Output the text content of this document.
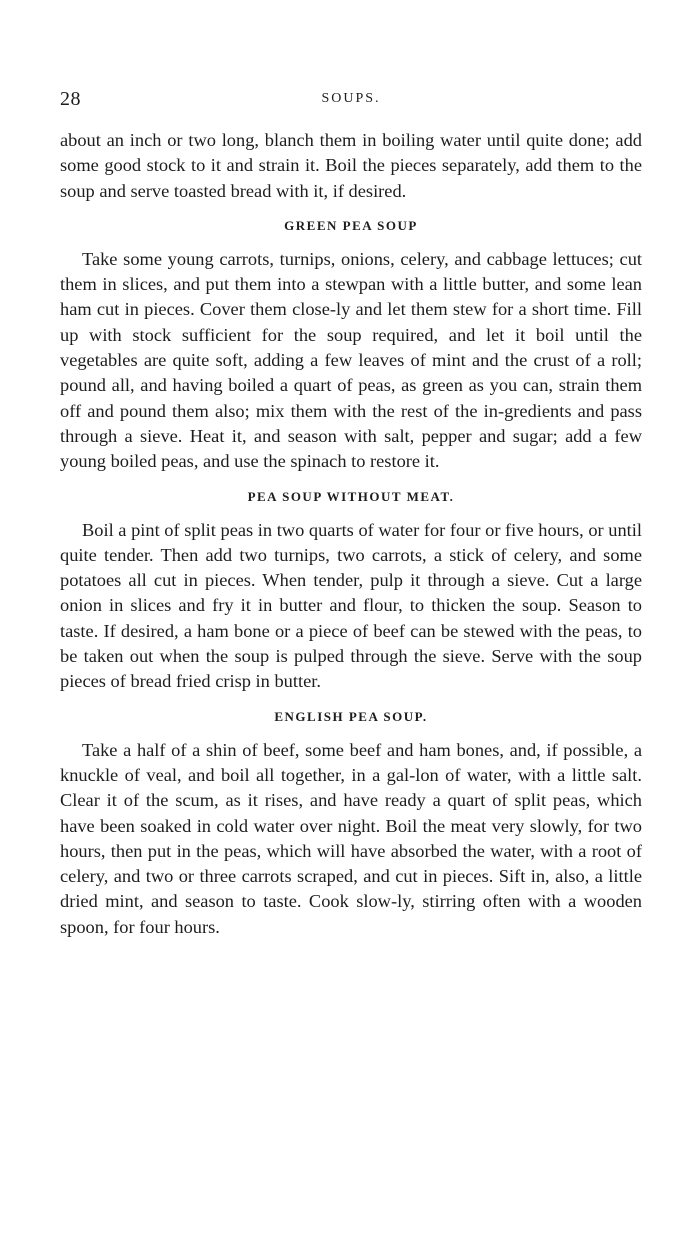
28	SOUPS.

about an inch or two long, blanch them in boiling water until quite done; add some good stock to it and strain it. Boil the pieces separately, add them to the soup and serve toasted bread with it, if desired.

GREEN PEA SOUP

Take some young carrots, turnips, onions, celery, and cabbage lettuces; cut them in slices, and put them into a stewpan with a little butter, and some lean ham cut in pieces. Cover them close-ly and let them stew for a short time. Fill up with stock sufficient for the soup required, and let it boil until the vegetables are quite soft, adding a few leaves of mint and the crust of a roll; pound all, and having boiled a quart of peas, as green as you can, strain them off and pound them also; mix them with the rest of the in-gredients and pass through a sieve. Heat it, and season with salt, pepper and sugar; add a few young boiled peas, and use the spinach to restore it.

PEA SOUP WITHOUT MEAT.

Boil a pint of split peas in two quarts of water for four or five hours, or until quite tender. Then add two turnips, two carrots, a stick of celery, and some potatoes all cut in pieces. When tender, pulp it through a sieve. Cut a large onion in slices and fry it in butter and flour, to thicken the soup. Season to taste. If desired, a ham bone or a piece of beef can be stewed with the peas, to be taken out when the soup is pulped through the sieve. Serve with the soup pieces of bread fried crisp in butter.

ENGLISH PEA SOUP.

Take a half of a shin of beef, some beef and ham bones, and, if possible, a knuckle of veal, and boil all together, in a gal-lon of water, with a little salt. Clear it of the scum, as it rises, and have ready a quart of split peas, which have been soaked in cold water over night. Boil the meat very slowly, for two hours, then put in the peas, which will have absorbed the water, with a root of celery, and two or three carrots scraped, and cut in pieces. Sift in, also, a little dried mint, and season to taste. Cook slow-ly, stirring often with a wooden spoon, for four hours.
